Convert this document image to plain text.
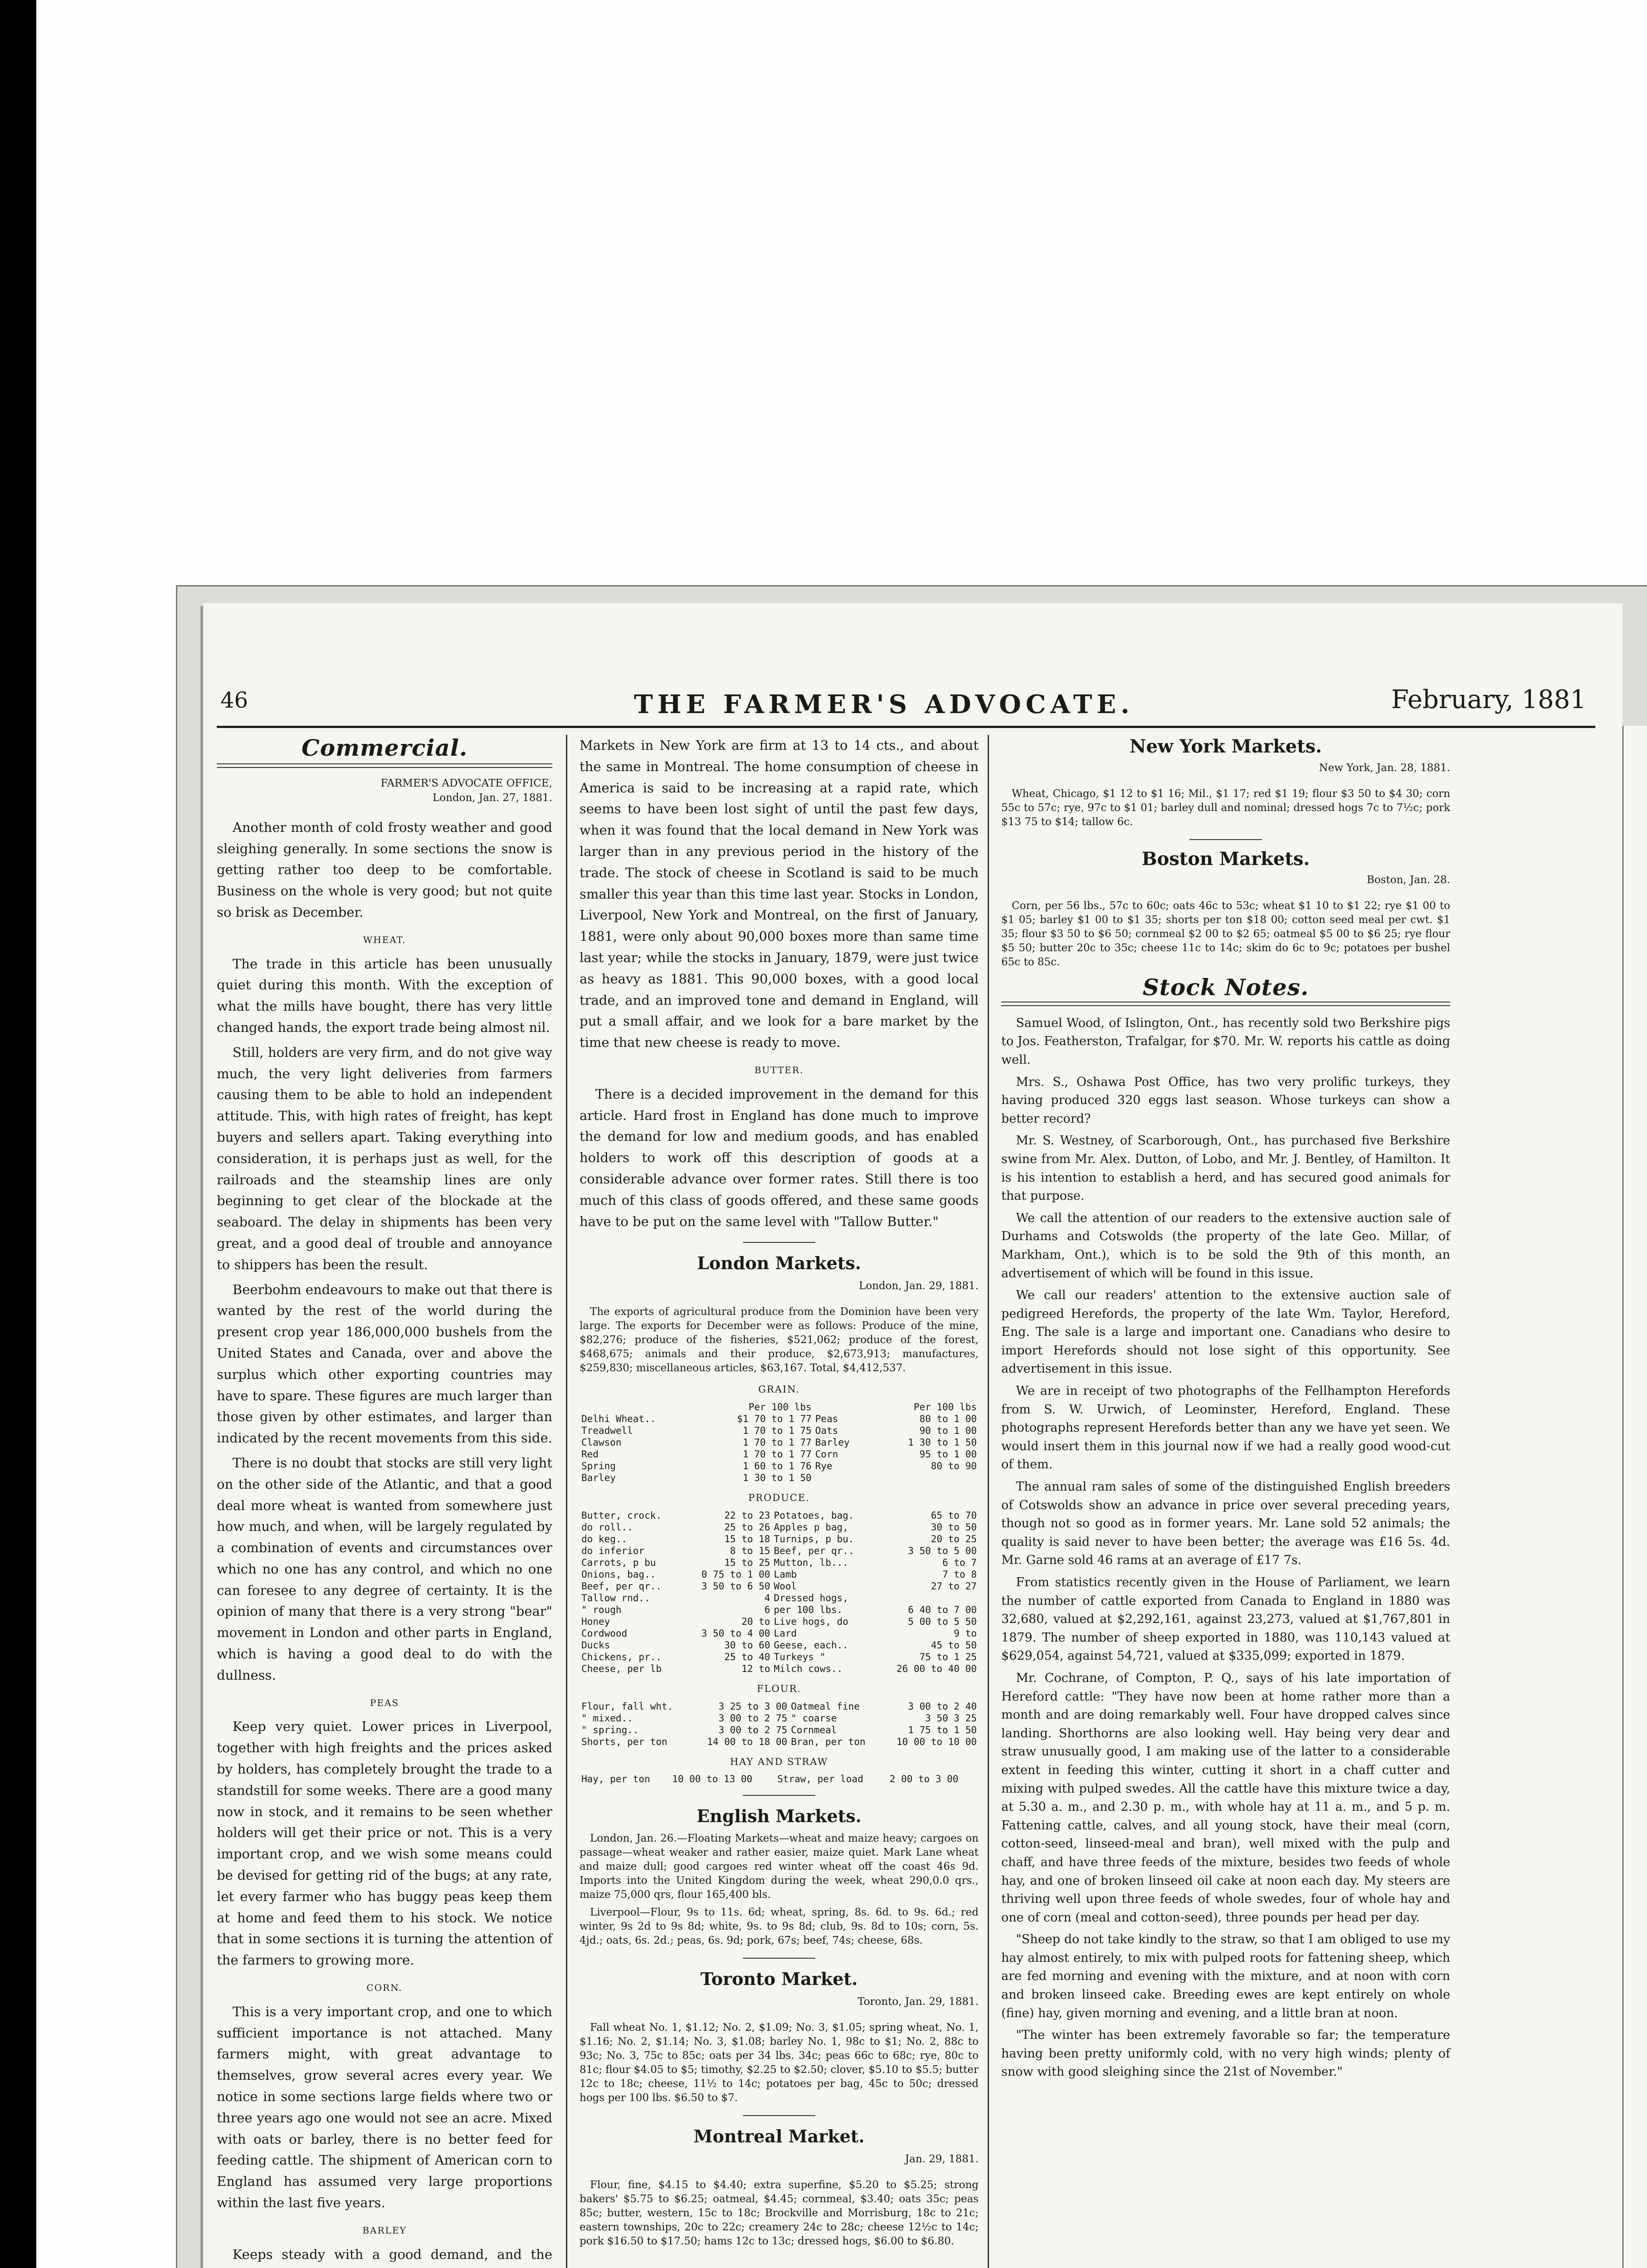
46	THE FARMER'S ADVOCATE.	February, 1881
Commercial.
FARMER'S ADVOCATE OFFICE,
London, Jan. 27, 1881.

Another month of cold frosty weather and good sleighing generally. In some sections the snow is getting rather too deep to be comfortable. Business on the whole is very good; but not quite so brisk as December.

WHEAT.

The trade in this article has been unusually quiet during this month. With the exception of what the mills have bought, there has very little changed hands, the export trade being almost nil.

Still, holders are very firm, and do not give way much, the very light deliveries from farmers causing them to be able to hold an independent attitude. This, with high rates of freight, has kept buyers and sellers apart. Taking everything into consideration, it is perhaps just as well, for the railroads and the steamship lines are only beginning to get clear of the blockade at the seaboard. The delay in shipments has been very great, and a good deal of trouble and annoyance to shippers has been the result.

Beerbohm endeavours to make out that there is wanted by the rest of the world during the present crop year 186,000,000 bushels from the United States and Canada, over and above the surplus which other exporting countries may have to spare. These figures are much larger than those given by other estimates, and larger than indicated by the recent movements from this side.

There is no doubt that stocks are still very light on the other side of the Atlantic, and that a good deal more wheat is wanted from somewhere just how much, and when, will be largely regulated by a combination of events and circumstances over which no one has any control, and which no one can foresee to any degree of certainty. It is the opinion of many that there is a very strong "bear" movement in London and other parts in England, which is having a good deal to do with the dullness.

PEAS

Keep very quiet. Lower prices in Liverpool, together with high freights and the prices asked by holders, has completely brought the trade to a standstill for some weeks. There are a good many now in stock, and it remains to be seen whether holders will get their price or not. This is a very important crop, and we wish some means could be devised for getting rid of the bugs; at any rate, let every farmer who has buggy peas keep them at home and feed them to his stock. We notice that in some sections it is turning the attention of the farmers to growing more.

CORN.

This is a very important crop, and one to which sufficient importance is not attached. Many farmers might, with great advantage to themselves, grow several acres every year. We notice in some sections large fields where two or three years ago one would not see an acre. Mixed with oats or barley, there is no better feed for feeding cattle. The shipment of American corn to England has assumed very large proportions within the last five years.

BARLEY

Keeps steady with a good demand, and the

Markets in New York are firm at 13 to 14 cts., and about the same in Montreal. The home consumption of cheese in America is said to be increasing at a rapid rate, which seems to have been lost sight of until the past few days, when it was found that the local demand in New York was larger than in any previous period in the history of the trade. The stock of cheese in Scotland is said to be much smaller this year than this time last year. Stocks in London, Liverpool, New York and Montreal, on the first of January, 1881, were only about 90,000 boxes more than same time last year; while the stocks in January, 1879, were just twice as heavy as 1881. This 90,000 boxes, with a good local trade, and an improved tone and demand in England, will put a small affair, and we look for a bare market by the time that new cheese is ready to move.

BUTTER.

There is a decided improvement in the demand for this article. Hard frost in England has done much to improve the demand for low and medium goods, and has enabled holders to work off this description of goods at a considerable advance over former rates. Still there is too much of this class of goods offered, and these same goods have to be put on the same level with "Tallow Butter."

London Markets.
London, Jan. 29, 1881.

The exports of agricultural produce from the Dominion have been very large. The exports for December were as follows: Produce of the mine, $82,276; produce of the fisheries, $521,062; produce of the forest, $468,675; animals and their produce, $2,673,913; manufactures, $259,830; miscellaneous articles, $63,167. Total, $4,412,537.

GRAIN.
	Per 100 lbs		Per 100 lbs
Delhi Wheat..	$1 70 to 1 77	Peas	80 to 1 00
Treadwell	1 70 to 1 75	Oats	90 to 1 00
Clawson	1 70 to 1 77	Barley	1 30 to 1 50
Red	1 70 to 1 77	Corn	95 to 1 00
Spring	1 60 to 1 76	Rye	80 to 90
Barley	1 30 to 1 50		
PRODUCE.
Butter, crock.	22 to 23	Potatoes, bag.	65 to 70
do roll..	25 to 26	Apples p bag,	30 to 50
do keg..	15 to 18	Turnips, p bu.	20 to 25
do inferior	8 to 15	Beef, per qr..	3 50 to 5 00
Carrots, p bu	15 to 25	Mutton, lb...	6 to 7
Onions, bag..	0 75 to 1 00	Lamb	7 to 8
Beef, per qr..	3 50 to 6 50	Wool	27 to 27
Tallow rnd..	4	Dressed hogs,	
" rough	6	per 100 lbs.	6 40 to 7 00
Honey	20 to	Live hogs, do	5 00 to 5 50
Cordwood	3 50 to 4 00	Lard	9 to
Ducks	30 to 60	Geese, each..	45 to 50
Chickens, pr..	25 to 40	Turkeys "	75 to 1 25
Cheese, per lb	12 to	Milch cows..	26 00 to 40 00
FLOUR.
Flour, fall wht.	3 25 to 3 00	Oatmeal fine	3 00 to 2 40
" mixed..	3 00 to 2 75	" coarse	3 50 3 25
" spring..	3 00 to 2 75	Cornmeal	1 75 to 1 50
Shorts, per ton	14 00 to 18 00	Bran, per ton	10 00 to 10 00
HAY AND STRAW
Hay, per ton	10 00 to 13 00	Straw, per load	2 00 to 3 00
English Markets.

London, Jan. 26.—Floating Markets—wheat and maize heavy; cargoes on passage—wheat weaker and rather easier, maize quiet. Mark Lane wheat and maize dull; good cargoes red winter wheat off the coast 46s 9d. Imports into the United Kingdom during the week, wheat 290,0.0 qrs., maize 75,000 qrs, flour 165,400 bls.

Liverpool—Flour, 9s to 11s. 6d; wheat, spring, 8s. 6d. to 9s. 6d.; red winter, 9s 2d to 9s 8d; white, 9s. to 9s 8d; club, 9s. 8d to 10s; corn, 5s. 4jd.; oats, 6s. 2d.; peas, 6s. 9d; pork, 67s; beef, 74s; cheese, 68s.

Toronto Market.
Toronto, Jan. 29, 1881.

Fall wheat No. 1, $1.12; No. 2, $1.09; No. 3, $1.05; spring wheat, No. 1, $1.16; No. 2, $1.14; No. 3, $1.08; barley No. 1, 98c to $1; No. 2, 88c to 93c; No. 3, 75c to 85c; oats per 34 lbs. 34c; peas 66c to 68c; rye, 80c to 81c; flour $4.05 to $5; timothy, $2.25 to $2.50; clover, $5.10 to $5.5; butter 12c to 18c; cheese, 11½ to 14c; potatoes per bag, 45c to 50c; dressed hogs per 100 lbs. $6.50 to $7.

Montreal Market.
Jan. 29, 1881.

Flour, fine, $4.15 to $4.40; extra superfine, $5.20 to $5.25; strong bakers' $5.75 to $6.25; oatmeal, $4.45; cornmeal, $3.40; oats 35c; peas 85c; butter, western, 15c to 18c; Brockville and Morrisburg, 18c to 21c; eastern townships, 20c to 22c; creamery 24c to 28c; cheese 12½c to 14c; pork $16.50 to $17.50; hams 12c to 13c; dressed hogs, $6.00 to $6.80.

New York Markets.
New York, Jan. 28, 1881.

Wheat, Chicago, $1 12 to $1 16; Mil., $1 17; red $1 19; flour $3 50 to $4 30; corn 55c to 57c; rye, 97c to $1 01; barley dull and nominal; dressed hogs 7c to 7½c; pork $13 75 to $14; tallow 6c.

Boston Markets.
Boston, Jan. 28.

Corn, per 56 lbs., 57c to 60c; oats 46c to 53c; wheat $1 10 to $1 22; rye $1 00 to $1 05; barley $1 00 to $1 35; shorts per ton $18 00; cotton seed meal per cwt. $1 35; flour $3 50 to $6 50; cornmeal $2 00 to $2 65; oatmeal $5 00 to $6 25; rye flour $5 50; butter 20c to 35c; cheese 11c to 14c; skim do 6c to 9c; potatoes per bushel 65c to 85c.

Stock Notes.

Samuel Wood, of Islington, Ont., has recently sold two Berkshire pigs to Jos. Featherston, Trafalgar, for $70. Mr. W. reports his cattle as doing well.

Mrs. S., Oshawa Post Office, has two very prolific turkeys, they having produced 320 eggs last season. Whose turkeys can show a better record?

Mr. S. Westney, of Scarborough, Ont., has purchased five Berkshire swine from Mr. Alex. Dutton, of Lobo, and Mr. J. Bentley, of Hamilton. It is his intention to establish a herd, and has secured good animals for that purpose.

We call the attention of our readers to the extensive auction sale of Durhams and Cotswolds (the property of the late Geo. Millar, of Markham, Ont.), which is to be sold the 9th of this month, an advertisement of which will be found in this issue.

We call our readers' attention to the extensive auction sale of pedigreed Herefords, the property of the late Wm. Taylor, Hereford, Eng. The sale is a large and important one. Canadians who desire to import Herefords should not lose sight of this opportunity. See advertisement in this issue.

We are in receipt of two photographs of the Fellhampton Herefords from S. W. Urwich, of Leominster, Hereford, England. These photographs represent Herefords better than any we have yet seen. We would insert them in this journal now if we had a really good wood-cut of them.

The annual ram sales of some of the distinguished English breeders of Cotswolds show an advance in price over several preceding years, though not so good as in former years. Mr. Lane sold 52 animals; the quality is said never to have been better; the average was £16 5s. 4d. Mr. Garne sold 46 rams at an average of £17 7s.

From statistics recently given in the House of Parliament, we learn the number of cattle exported from Canada to England in 1880 was 32,680, valued at $2,292,161, against 23,273, valued at $1,767,801 in 1879. The number of sheep exported in 1880, was 110,143 valued at $629,054, against 54,721, valued at $335,099; exported in 1879.

Mr. Cochrane, of Compton, P. Q., says of his late importation of Hereford cattle: "They have now been at home rather more than a month and are doing remarkably well. Four have dropped calves since landing. Shorthorns are also looking well. Hay being very dear and straw unusually good, I am making use of the latter to a considerable extent in feeding this winter, cutting it short in a chaff cutter and mixing with pulped swedes. All the cattle have this mixture twice a day, at 5.30 a. m., and 2.30 p. m., with whole hay at 11 a. m., and 5 p. m. Fattening cattle, calves, and all young stock, have their meal (corn, cotton-seed, linseed-meal and bran), well mixed with the pulp and chaff, and have three feeds of the mixture, besides two feeds of whole hay, and one of broken linseed oil cake at noon each day. My steers are thriving well upon three feeds of whole swedes, four of whole hay and one of corn (meal and cotton-seed), three pounds per head per day.

"Sheep do not take kindly to the straw, so that I am obliged to use my hay almost entirely, to mix with pulped roots for fattening sheep, which are fed morning and evening with the mixture, and at noon with corn and broken linseed cake. Breeding ewes are kept entirely on whole (fine) hay, given morning and evening, and a little bran at noon.

"The winter has been extremely favorable so far; the temperature having been pretty uniformly cold, with no very high winds; plenty of snow with good sleighing since the 21st of November."
